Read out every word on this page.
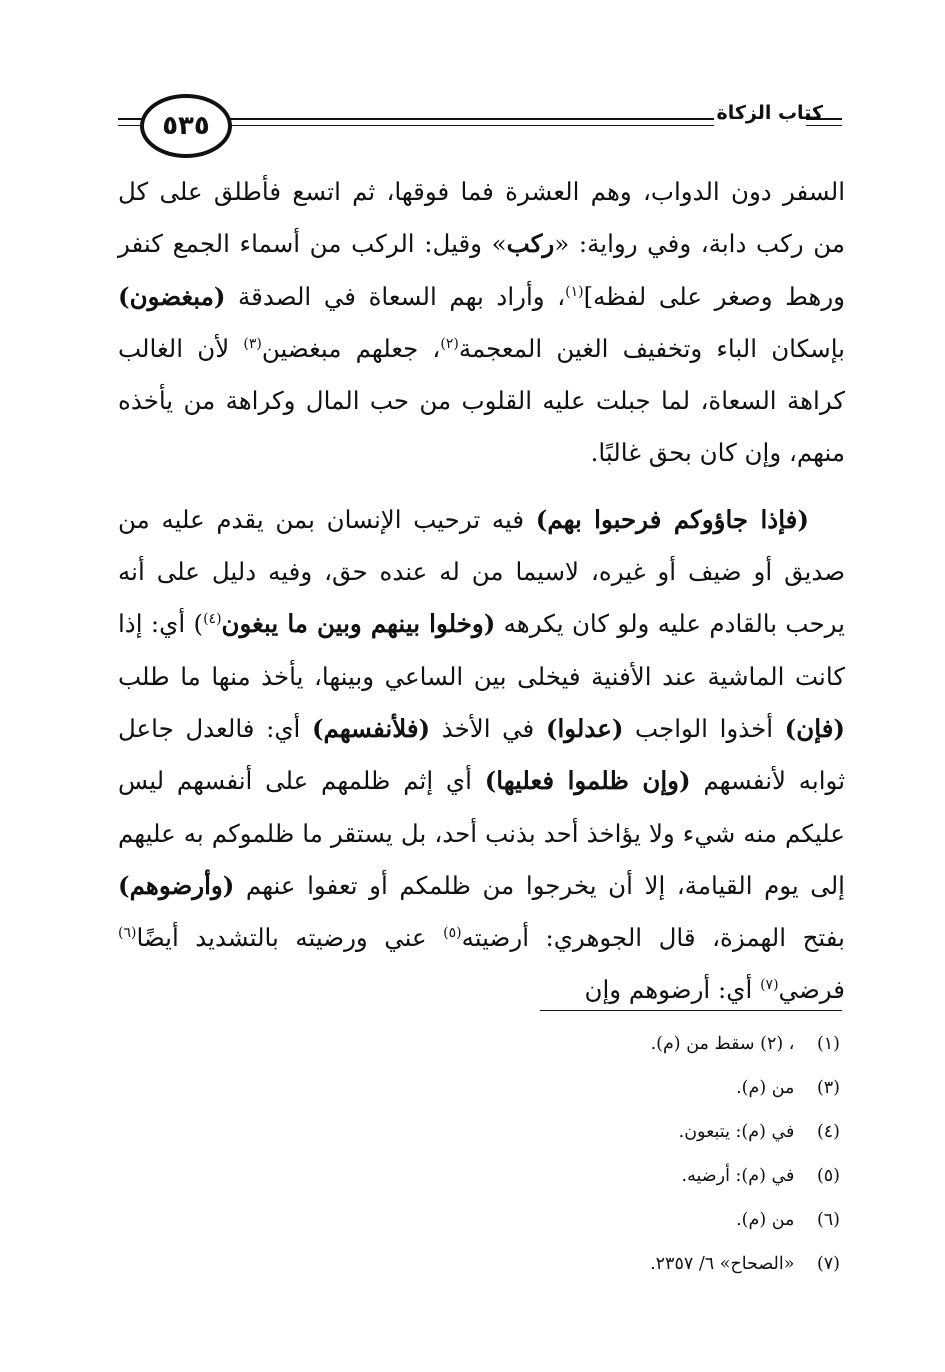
٥٣٥	كتاب الزكاة

السفر دون الدواب، وهم العشرة فما فوقها، ثم اتسع فأطلق على كل من ركب دابة، وفي رواية: «ركب» وقيل: الركب من أسماء الجمع كنفر ورهط وصغر على لفظه]$^{(١)}$، وأراد بهم السعاة في الصدقة (مبغضون) بإسكان الباء وتخفيف الغين المعجمة$^{(٢)}$، جعلهم مبغضين$^{(٣)}$ لأن الغالب كراهة السعاة، لما جبلت عليه القلوب من حب المال وكراهة من يأخذه منهم، وإن كان بحق غالبًا.

(فإذا جاؤوكم فرحبوا بهم) فيه ترحيب الإنسان بمن يقدم عليه من صديق أو ضيف أو غيره، لاسيما من له عنده حق، وفيه دليل على أنه يرحب بالقادم عليه ولو كان يكرهه (وخلوا بينهم وبين ما يبغون$^{(٤)}$) أي: إذا كانت الماشية عند الأفنية فيخلى بين الساعي وبينها، يأخذ منها ما طلب (فإن) أخذوا الواجب (عدلوا) في الأخذ (فلأنفسهم) أي: فالعدل جاعل ثوابه لأنفسهم (وإن ظلموا فعليها) أي إثم ظلمهم على أنفسهم ليس عليكم منه شيء ولا يؤاخذ أحد بذنب أحد، بل يستقر ما ظلموكم به عليهم إلى يوم القيامة، إلا أن يخرجوا من ظلمكم أو تعفوا عنهم (وأرضوهم) بفتح الهمزة، قال الجوهري: أرضيته$^{(٥)}$ عني ورضيته بالتشديد أيضًا$^{(٦)}$ فرضي$^{(٧)}$ أي: أرضوهم وإن

(١) ، (٢) سقط من (م).
(٣) من (م).
(٤) في (م): يتبعون.
(٥) في (م): أرضيه.
(٦) من (م).
(٧) «الصحاح» ٦/ ٢٣٥٧.
